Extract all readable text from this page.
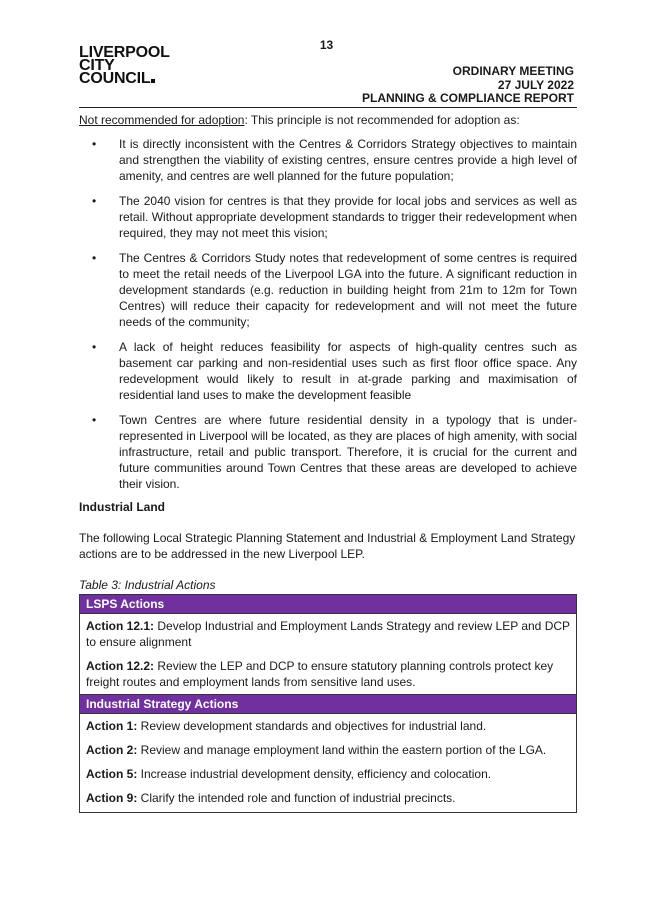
13
LIVERPOOL
CITY
COUNCIL	ORDINARY MEETING
27 JULY 2022
PLANNING & COMPLIANCE REPORT
Not recommended for adoption: This principle is not recommended for adoption as:
• It is directly inconsistent with the Centres & Corridors Strategy objectives to maintain and strengthen the viability of existing centres, ensure centres provide a high level of amenity, and centres are well planned for the future population;
• The 2040 vision for centres is that they provide for local jobs and services as well as retail. Without appropriate development standards to trigger their redevelopment when required, they may not meet this vision;
• The Centres & Corridors Study notes that redevelopment of some centres is required to meet the retail needs of the Liverpool LGA into the future. A significant reduction in development standards (e.g. reduction in building height from 21m to 12m for Town Centres) will reduce their capacity for redevelopment and will not meet the future needs of the community;
• A lack of height reduces feasibility for aspects of high-quality centres such as basement car parking and non-residential uses such as first floor office space. Any redevelopment would likely to result in at-grade parking and maximisation of residential land uses to make the development feasible
• Town Centres are where future residential density in a typology that is under-represented in Liverpool will be located, as they are places of high amenity, with social infrastructure, retail and public transport. Therefore, it is crucial for the current and future communities around Town Centres that these areas are developed to achieve their vision.
Industrial Land
The following Local Strategic Planning Statement and Industrial & Employment Land Strategy actions are to be addressed in the new Liverpool LEP.
Table 3: Industrial Actions
LSPS Actions
Action 12.1: Develop Industrial and Employment Lands Strategy and review LEP and DCP to ensure alignment
Action 12.2: Review the LEP and DCP to ensure statutory planning controls protect key freight routes and employment lands from sensitive land uses.
Industrial Strategy Actions
Action 1: Review development standards and objectives for industrial land.
Action 2: Review and manage employment land within the eastern portion of the LGA.
Action 5: Increase industrial development density, efficiency and colocation.
Action 9: Clarify the intended role and function of industrial precincts.
